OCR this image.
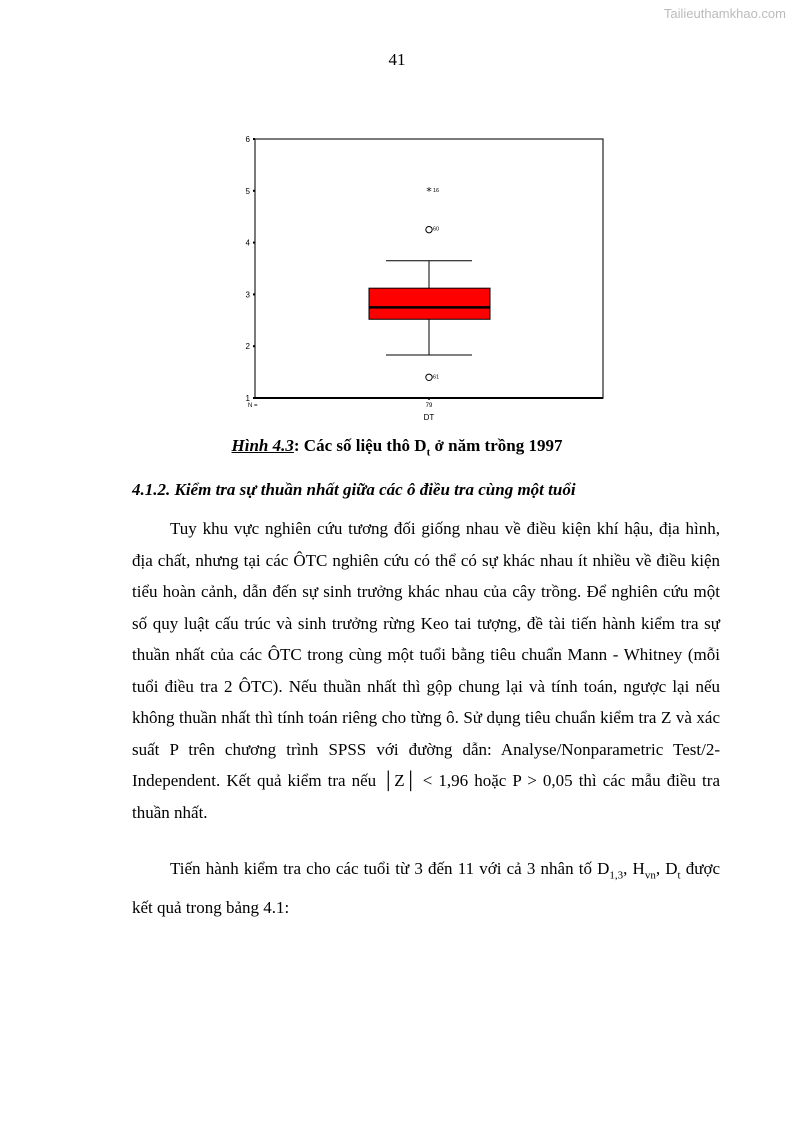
Tailieuthamkhao.com
41
1
2
3
4
5
6
60
61
* 16
N =	79
DT
Hình 4.3: Các số liệu thô $D_t$ ở năm trồng 1997
4.1.2. Kiểm tra sự thuần nhất giữa các ô điều tra cùng một tuổi

Tuy khu vực nghiên cứu tương đối giống nhau về điều kiện khí hậu, địa hình, địa chất, nhưng tại các ÔTC nghiên cứu có thể có sự khác nhau ít nhiều về điều kiện tiểu hoàn cảnh, dẫn đến sự sinh trưởng khác nhau của cây trồng. Để nghiên cứu một số quy luật cấu trúc và sinh trưởng rừng Keo tai tượng, đề tài tiến hành kiểm tra sự thuần nhất của các ÔTC trong cùng một tuổi bằng tiêu chuẩn Mann - Whitney (mỗi tuổi điều tra 2 ÔTC). Nếu thuần nhất thì gộp chung lại và tính toán, ngược lại nếu không thuần nhất thì tính toán riêng cho từng ô. Sử dụng tiêu chuẩn kiểm tra Z và xác suất P trên chương trình SPSS với đường dẫn: Analyse/Nonparametric Test/2-Independent. Kết quả kiểm tra nếu │Z│ < 1,96 hoặc P > 0,05 thì các mẫu điều tra thuần nhất.

Tiến hành kiểm tra cho các tuổi từ 3 đến 11 với cả 3 nhân tố $D_{1,3}$, $H_{vn}$, $D_t$ được kết quả trong bảng 4.1:
